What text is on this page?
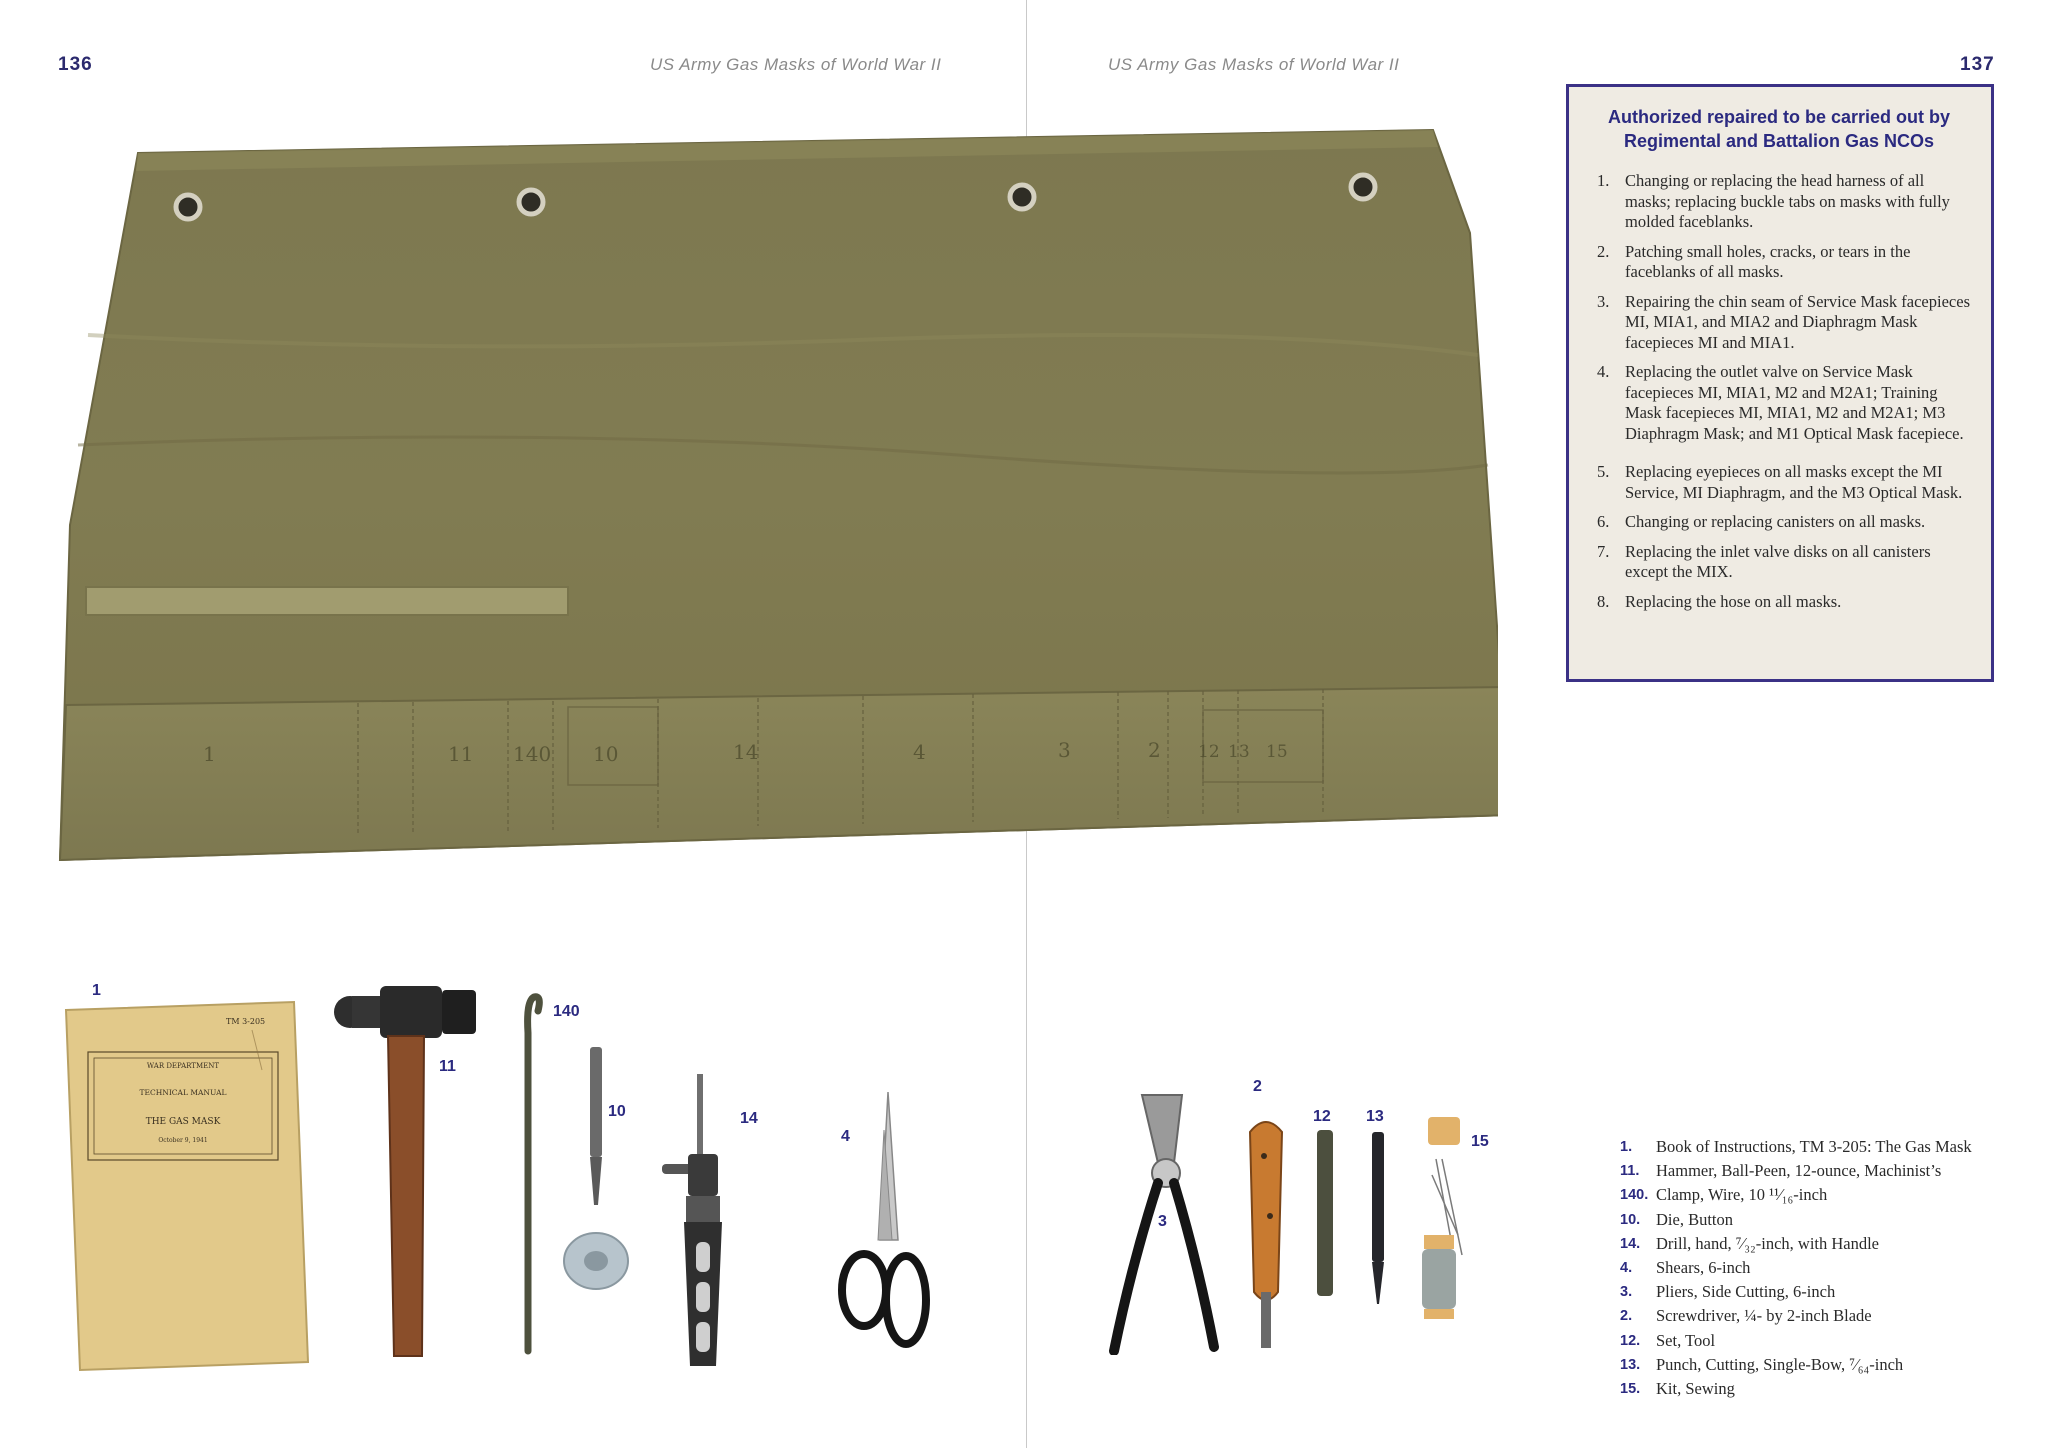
136	US Army Gas Masks of World War II	US Army Gas Masks of World War II	137
1	11 140 10	14	4	3	2 12 13 15
Authorized repaired to be carried out by Regimental and Battalion Gas NCOs
1. Changing or replacing the head harness of all masks; replacing buckle tabs on masks with fully molded faceblanks.
2. Patching small holes, cracks, or tears in the faceblanks of all masks.
3. Repairing the chin seam of Service Mask facepieces MI, MIA1, and MIA2 and Diaphragm Mask facepieces MI and MIA1.
4. Replacing the outlet valve on Service Mask facepieces MI, MIA1, M2 and M2A1; Training Mask facepieces MI, MIA1, M2 and M2A1; M3 Diaphragm Mask; and M1 Optical Mask facepiece.
5. Replacing eyepieces on all masks except the MI Service, MI Diaphragm, and the M3 Optical Mask.
6. Changing or replacing canisters on all masks.
7. Replacing the inlet valve disks on all canisters except the MIX.
8. Replacing the hose on all masks.
1
TM 3-205
WAR DEPARTMENT
TECHNICAL MANUAL
THE GAS MASK
October 9, 1941
11
140
10	14
4
3
2
12 13
15	1.	Book of Instructions, TM 3-205: The Gas Mask
11.	Hammer, Ball-Peen, 12-ounce, Machinist’s
140. Clamp, Wire, 10 ¹¹⁄₁₆-inch
10. Die, Button
14. Drill, hand, ⁷⁄₃₂-inch, with Handle
4.	Shears, 6-inch
3.	Pliers, Side Cutting, 6-inch
2.	Screwdriver, ¼- by 2-inch Blade
12. Set, Tool
13. Punch, Cutting, Single-Bow, ⁷⁄₆₄-inch
15. Kit, Sewing
